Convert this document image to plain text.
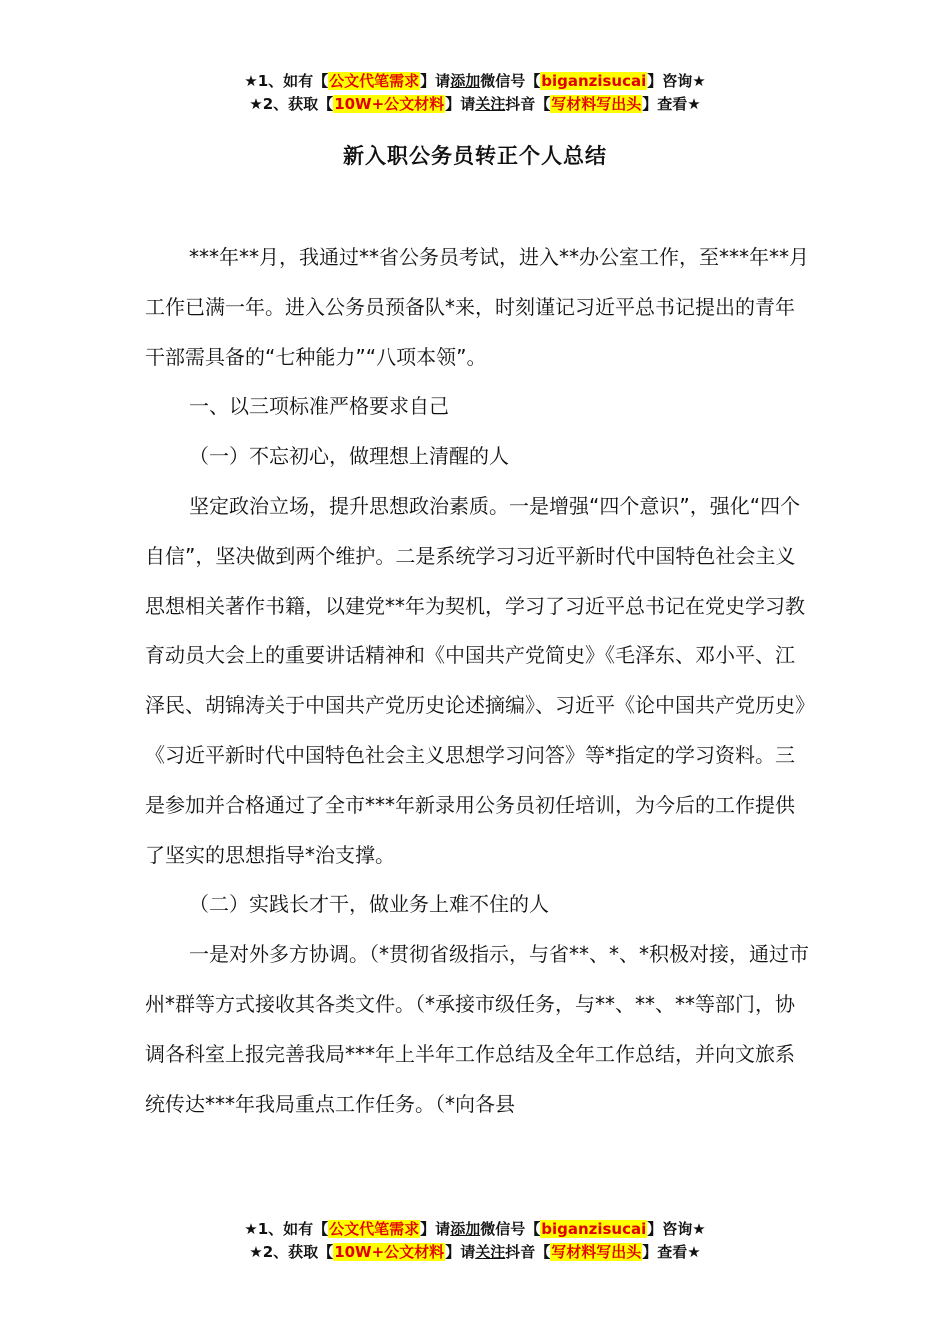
★1、如有【公文代笔需求】请添加微信号【biganzisucai】咨询★
★2、获取【10W+公文材料】请关注抖音【写材料写出头】查看★
新入职公务员转正个人总结

***年**月，我通过**省公务员考试，进入**办公室工作，至***年**月工作已满一年。进入公务员预备队*来，时刻谨记习近平总书记提出的青年干部需具备的“七种能力”“八项本领”。

一、以三项标准严格要求自己

（一）不忘初心，做理想上清醒的人

坚定政治立场，提升思想政治素质。一是增强“四个意识”，强化“四个自信”，坚决做到两个维护。二是系统学习习近平新时代中国特色社会主义思想相关著作书籍，以建党**年为契机，学习了习近平总书记在党史学习教育动员大会上的重要讲话精神和《中国共产党简史》《毛泽东、邓小平、江泽民、胡锦涛关于中国共产党历史论述摘编》、习近平《论中国共产党历史》《习近平新时代中国特色社会主义思想学习问答》等*指定的学习资料。三是参加并合格通过了全市***年新录用公务员初任培训，为今后的工作提供了坚实的思想指导*治支撑。

（二）实践长才干，做业务上难不住的人

一是对外多方协调。（*贯彻省级指示，与省**、*、*积极对接，通过市州*群等方式接收其各类文件。（*承接市级任务，与**、**、**等部门，协调各科室上报完善我局***年上半年工作总结及全年工作总结，并向文旅系统传达***年我局重点工作任务。（*向各县

★1、如有【公文代笔需求】请添加微信号【biganzisucai】咨询★
★2、获取【10W+公文材料】请关注抖音【写材料写出头】查看★
